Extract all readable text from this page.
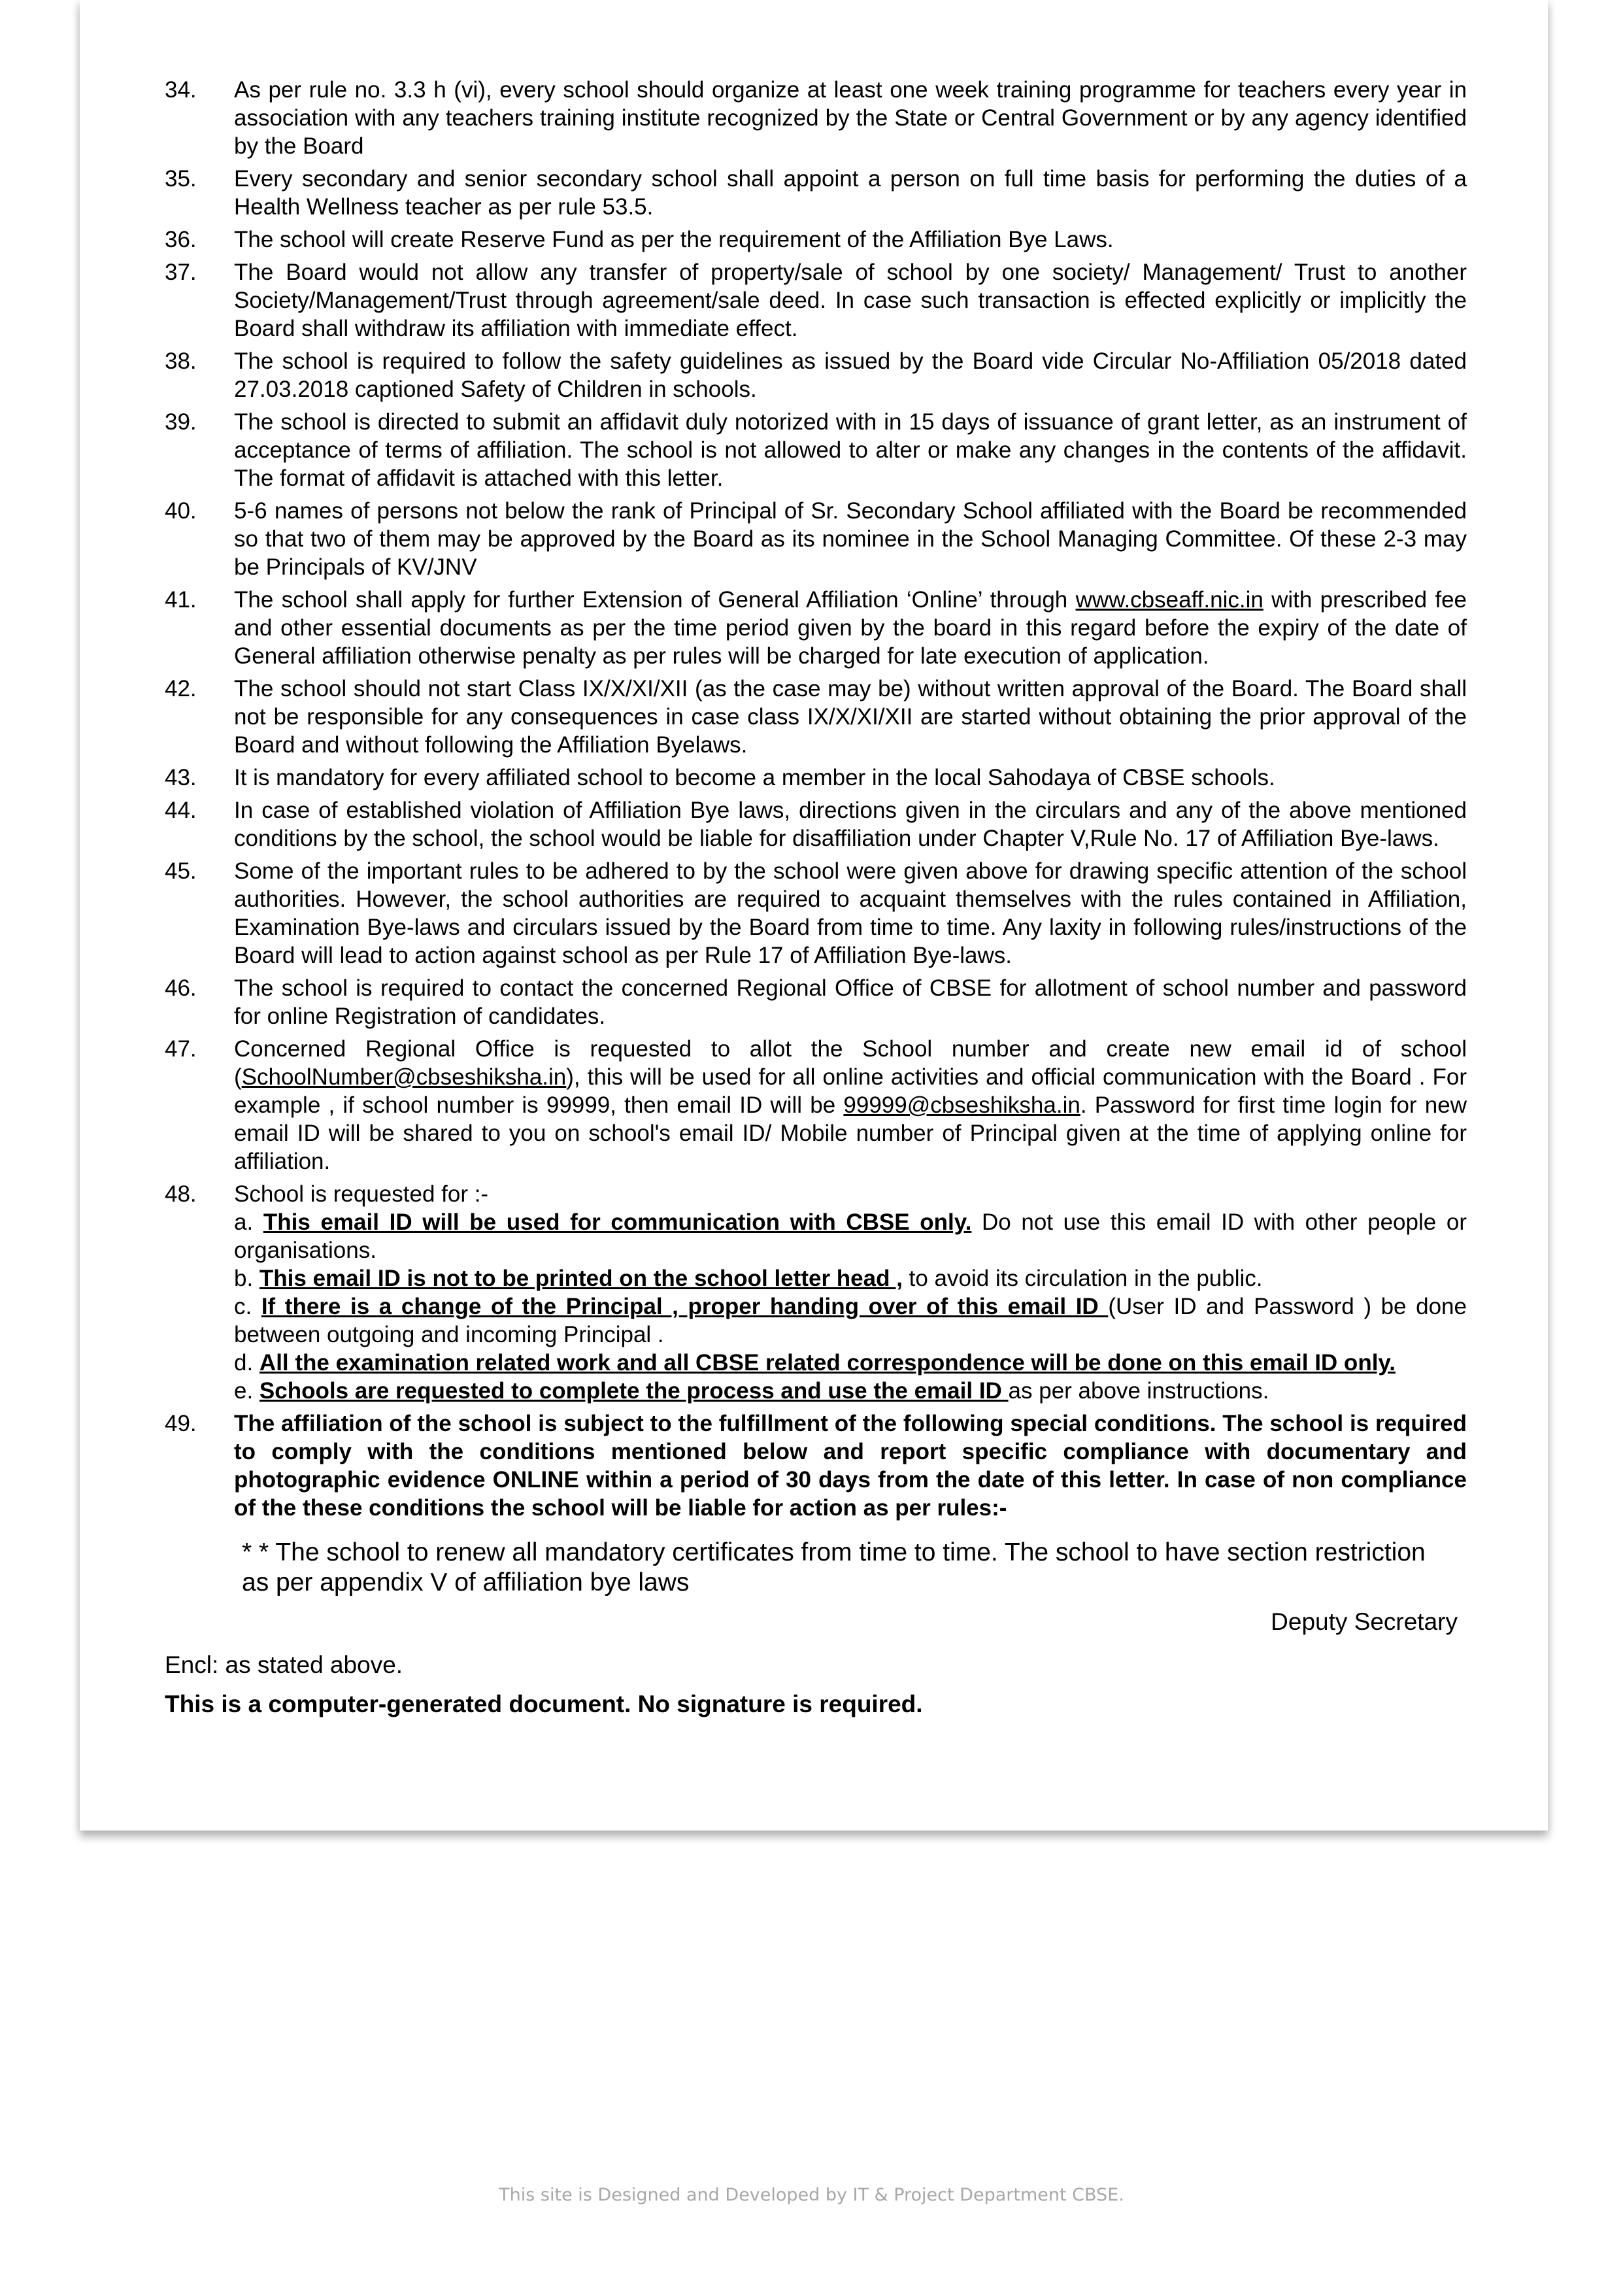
34.	As per rule no. 3.3 h (vi), every school should organize at least one week training programme for teachers every year in association with any teachers training institute recognized by the State or Central Government or by any agency identified by the Board
35.	Every secondary and senior secondary school shall appoint a person on full time basis for performing the duties of a Health Wellness teacher as per rule 53.5.
36.	The school will create Reserve Fund as per the requirement of the Affiliation Bye Laws.
37.	The Board would not allow any transfer of property/sale of school by one society/ Management/ Trust to another Society/Management/Trust through agreement/sale deed. In case such transaction is effected explicitly or implicitly the Board shall withdraw its affiliation with immediate effect.
38.	The school is required to follow the safety guidelines as issued by the Board vide Circular No-Affiliation 05/2018 dated 27.03.2018 captioned Safety of Children in schools.
39.	The school is directed to submit an affidavit duly notorized with in 15 days of issuance of grant letter, as an instrument of acceptance of terms of affiliation. The school is not allowed to alter or make any changes in the contents of the affidavit. The format of affidavit is attached with this letter.
40.	5-6 names of persons not below the rank of Principal of Sr. Secondary School affiliated with the Board be recommended so that two of them may be approved by the Board as its nominee in the School Managing Committee. Of these 2-3 may be Principals of KV/JNV
41.	The school shall apply for further Extension of General Affiliation ‘Online’ through www.cbseaff.nic.in with prescribed fee and other essential documents as per the time period given by the board in this regard before the expiry of the date of General affiliation otherwise penalty as per rules will be charged for late execution of application.
42.	The school should not start Class IX/X/XI/XII (as the case may be) without written approval of the Board. The Board shall not be responsible for any consequences in case class IX/X/XI/XII are started without obtaining the prior approval of the Board and without following the Affiliation Byelaws.
43.	It is mandatory for every affiliated school to become a member in the local Sahodaya of CBSE schools.
44.	In case of established violation of Affiliation Bye laws, directions given in the circulars and any of the above mentioned conditions by the school, the school would be liable for disaffiliation under Chapter V,Rule No. 17 of Affiliation Bye-laws.
45.	Some of the important rules to be adhered to by the school were given above for drawing specific attention of the school authorities. However, the school authorities are required to acquaint themselves with the rules contained in Affiliation, Examination Bye-laws and circulars issued by the Board from time to time. Any laxity in following rules/instructions of the Board will lead to action against school as per Rule 17 of Affiliation Bye-laws.
46.	The school is required to contact the concerned Regional Office of CBSE for allotment of school number and password for online Registration of candidates.
47.	Concerned Regional Office is requested to allot the School number and create new email id of school (SchoolNumber@cbseshiksha.in), this will be used for all online activities and official communication with the Board . For example , if school number is 99999, then email ID will be 99999@cbseshiksha.in. Password for first time login for new email ID will be shared to you on school's email ID/ Mobile number of Principal given at the time of applying online for affiliation.
48.	School is requested for :-
a. This email ID will be used for communication with CBSE only. Do not use this email ID with other people or organisations.
b. This email ID is not to be printed on the school letter head , to avoid its circulation in the public.
c. If there is a change of the Principal , proper handing over of this email ID (User ID and Password ) be done between outgoing and incoming Principal .
d. All the examination related work and all CBSE related correspondence will be done on this email ID only.
e. Schools are requested to complete the process and use the email ID as per above instructions.
49.	The affiliation of the school is subject to the fulfillment of the following special conditions. The school is required to comply with the conditions mentioned below and report specific compliance with documentary and photographic evidence ONLINE within a period of 30 days from the date of this letter. In case of non compliance of the these conditions the school will be liable for action as per rules:-
* * The school to renew all mandatory certificates from time to time. The school to have section restriction as per appendix V of affiliation bye laws
Deputy Secretary
Encl: as stated above.
This is a computer-generated document. No signature is required.
This site is Designed and Developed by IT & Project Department CBSE.
